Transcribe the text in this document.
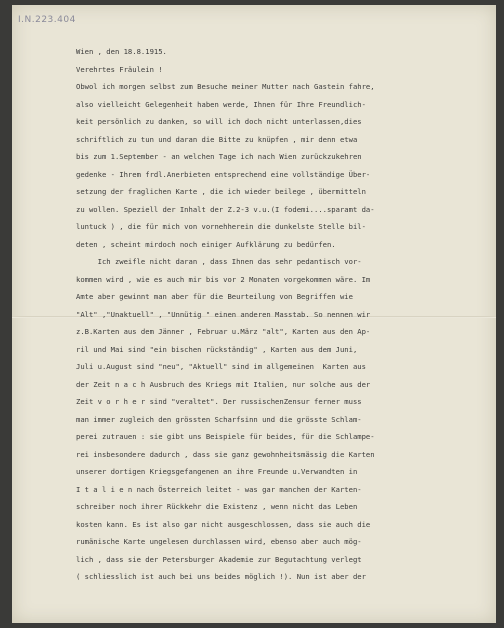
I.N.223.404
Wien , den 18.8.1915.
Verehrtes Fräulein !
Obwol ich morgen selbst zum Besuche meiner Mutter nach Gastein fahre,
also vielleicht Gelegenheit haben werde, Ihnen für Ihre Freundlich-
keit persönlich zu danken, so will ich doch nicht unterlassen,dies
schriftlich zu tun und daran die Bitte zu knüpfen , mir denn etwa
bis zum 1.September - an welchen Tage ich nach Wien zurückzukehren
gedenke - Ihrem frdl.Anerbieten entsprechend eine vollständige Über-
setzung der fraglichen Karte , die ich wieder beilege , übermitteln
zu wollen. Speziell der Inhalt der Z.2-3 v.u.(I fodemi....sparamt da-
luntuck ) , die für mich von vornehherein die dunkelste Stelle bil-
deten , scheint mirdoch noch einiger Aufklärung zu bedürfen.
Ich zweifle nicht daran , dass Ihnen das sehr pedantisch vor-
kommen wird , wie es auch mir bis vor 2 Monaten vorgekommen wäre. Im
Amte aber gewinnt man aber für die Beurteilung von Begriffen wie
"Alt" ,"Unaktuell" , "Unnütig " einen anderen Masstab. So nennen wir
z.B.Karten aus dem Jänner , Februar u.März "alt", Karten aus den Ap-
ril und Mai sind "ein bischen rückständig" , Karten aus dem Juni,
Juli u.August sind "neu", "Aktuell" sind im allgemeinen  Karten aus
der Zeit n a c h Ausbruch des Kriegs mit Italien, nur solche aus der
Zeit v o r h e r sind "veraltet". Der russischenZensur ferner muss
man immer zugleich den grössten Scharfsinn und die grösste Schlam-
perei zutrauen : sie gibt uns Beispiele für beides, für die Schlampe-
rei insbesondere dadurch , dass sie ganz gewohnheitsmässig die Karten
unserer dortigen Kriegsgefangenen an ihre Freunde u.Verwandten in
I t a l i e n nach Österreich leitet - was gar manchen der Karten-
schreiber noch ihrer Rückkehr die Existenz , wenn nicht das Leben
kosten kann. Es ist also gar nicht ausgeschlossen, dass sie auch die
rumänische Karte ungelesen durchlassen wird, ebenso aber auch mög-
lich , dass sie der Petersburger Akademie zur Begutachtung verlegt
( schliesslich ist auch bei uns beides möglich !). Nun ist aber der
